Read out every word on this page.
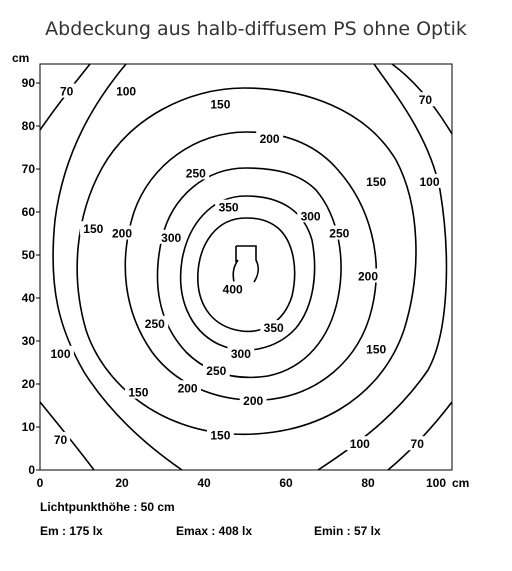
Abdeckung aus halb-diffusem PS ohne Optik
cm
cm
0
10
20
30
40
50
60
70
80
90
0	20	40	60	80	100
70	100
150	70
200
250
150	100
350
300
150 200 300	250
200
400
250	350
100	300	150
250
200
150
200
70	150
100	70
Lichtpunkthöhe : 50 cm
Em : 175 lx	Emax : 408 lx	Emin : 57 lx
